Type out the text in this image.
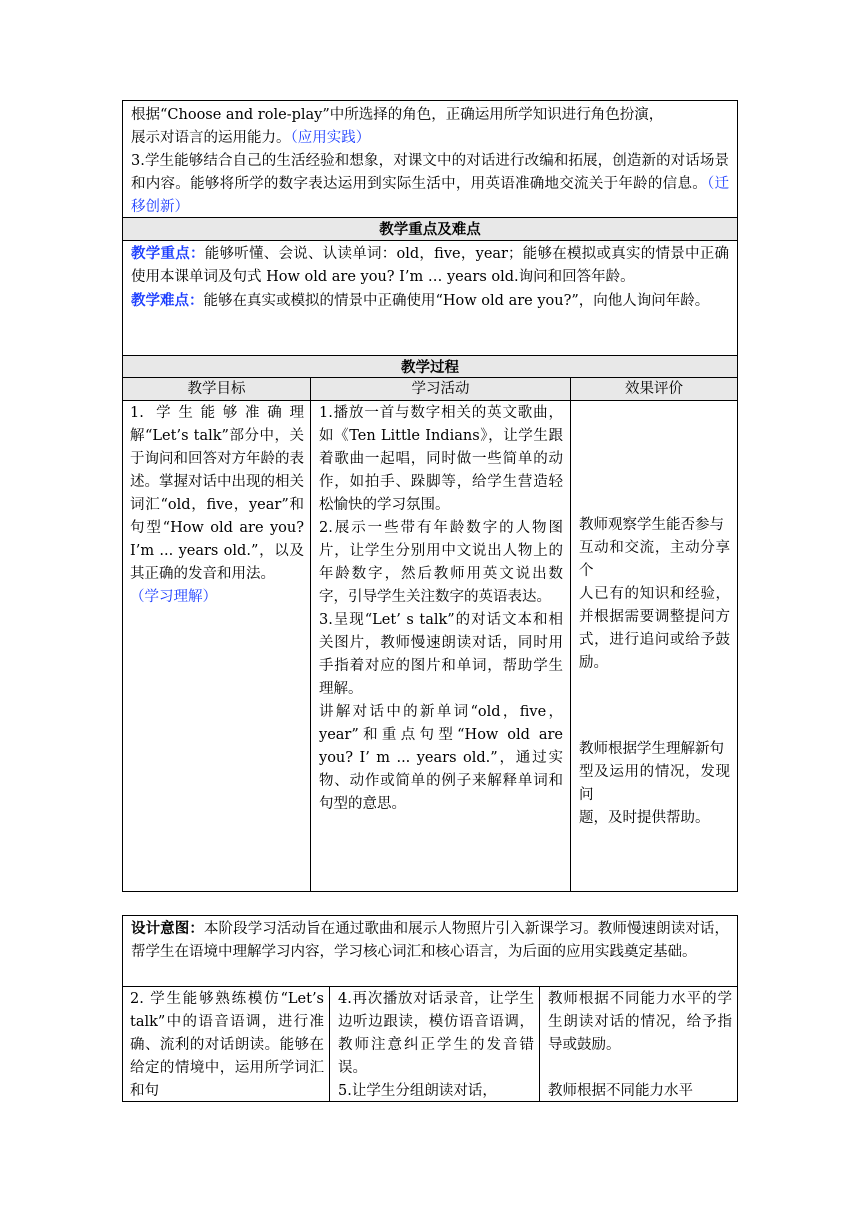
根据“Choose and role-play”中所选择的角色，正确运用所学知识进行角色扮演，

展示对语言的运用能力。（应用实践）

3.学生能够结合自己的生活经验和想象，对课文中的对话进行改编和拓展，创造新的对话场景和内容。能够将所学的数字表达运用到实际生活中，用英语准确地交流关于年龄的信息。（迁移创新）

教学重点及难点

教学重点：能够听懂、会说、认读单词：old，five，year；能够在模拟或真实的情景中正确使用本课单词及句式 How old are you? I’m … years old.询问和回答年龄。

教学难点：能够在真实或模拟的情景中正确使用“How old are you?”，向他人询问年龄。

教学过程
教学目标	学习活动	效果评价

1. 学生能够准确理解“Let’s talk”部分中，关于询问和回答对方年龄的表述。掌握对话中出现的相关词汇“old，five，year”和句型“How old are you? I’m ... years old.”，以及其正确的发音和用法。

（学习理解）

1.播放一首与数字相关的英文歌曲，如《Ten Little Indians》，让学生跟着歌曲一起唱，同时做一些简单的动作，如拍手、跺脚等，给学生营造轻松愉快的学习氛围。

2.展示一些带有年龄数字的人物图片，让学生分别用中文说出人物上的年龄数字，然后教师用英文说出数字，引导学生关注数字的英语表达。

3.呈现“Let’ s talk”的对话文本和相关图片，教师慢速朗读对话，同时用手指着对应的图片和单词，帮助学生理解。

讲解对话中的新单词“old，five，year”和重点句型“How old are you? I’ m ... years old.”，通过实物、动作或简单的例子来解释单词和句型的意思。

教师观察学生能否参与

互动和交流，主动分享个

人已有的知识和经验，并根据需要调整提问方式，进行追问或给予鼓励。

教师根据学生理解新句

型及运用的情况，发现问

题，及时提供帮助。

设计意图：本阶段学习活动旨在通过歌曲和展示人物照片引入新课学习。教师慢速朗读对话，帮学生在语境中理解学习内容，学习核心词汇和核心语言，为后面的应用实践奠定基础。

2. 学生能够熟练模仿“Let’s talk”中的语音语调，进行准确、流利的对话朗读。能够在给定的情境中，运用所学词汇和句

4.再次播放对话录音，让学生边听边跟读，模仿语音语调，教师注意纠正学生的发音错误。

5.让学生分组朗读对话，

教师根据不同能力水平的学生朗读对话的情况，给予指导或鼓励。

教师根据不同能力水平
